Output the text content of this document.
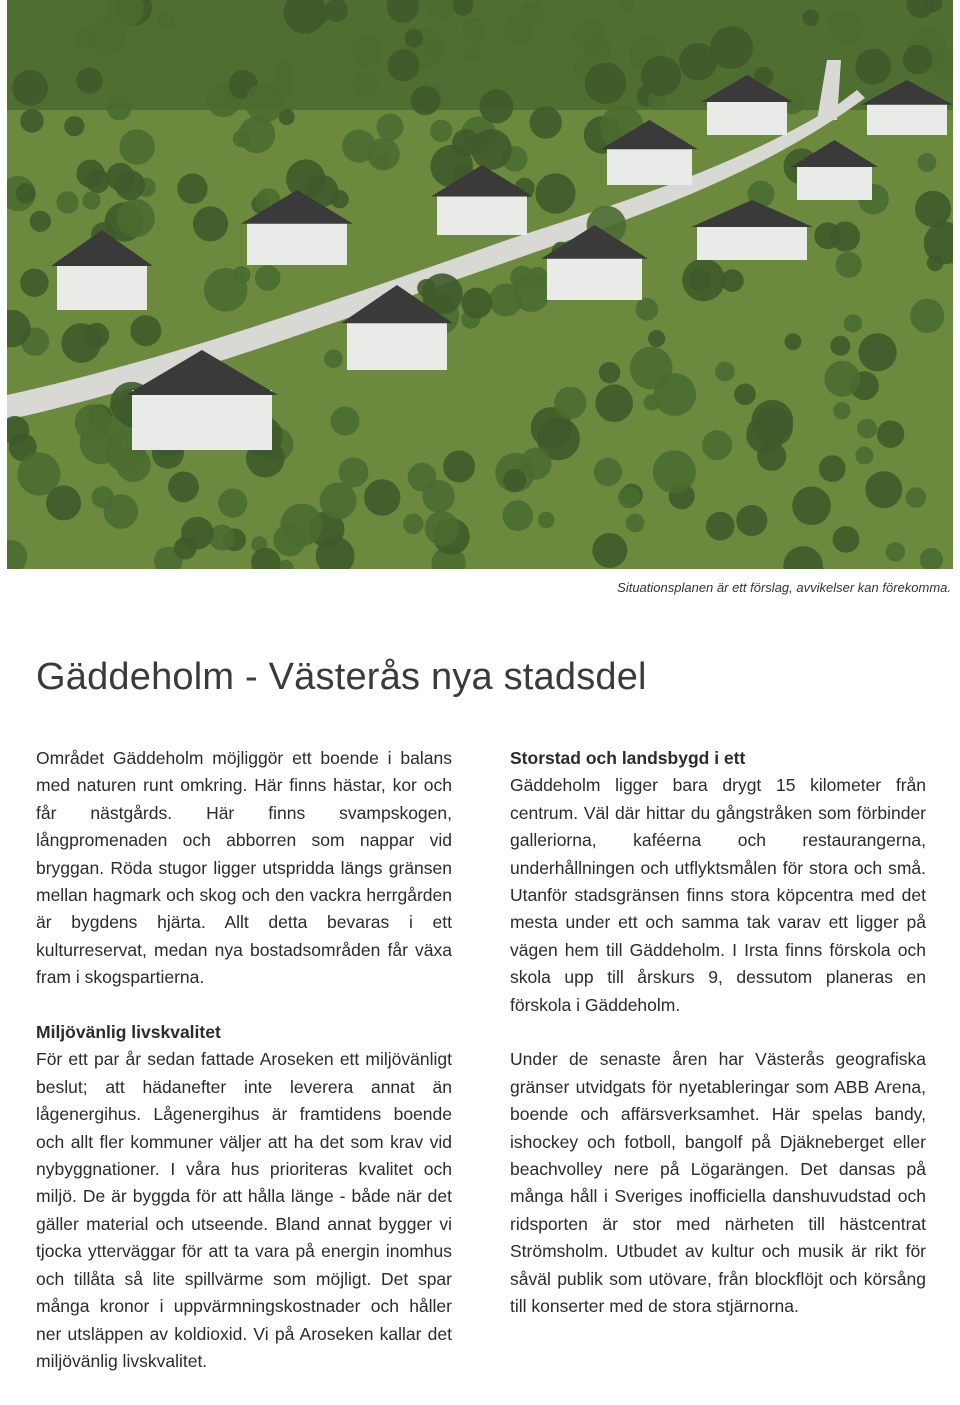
Situationsplanen är ett förslag, avvikelser kan förekomma.
Gäddeholm - Västerås nya stadsdel

Området Gäddeholm möjliggör ett boende i balans med naturen runt omkring. Här finns hästar, kor och får nästgårds. Här finns svampskogen, långpromenaden och abborren som nappar vid bryggan. Röda stugor ligger utspridda längs gränsen mellan hagmark och skog och den vackra herrgården är bygdens hjärta. Allt detta bevaras i ett kulturreservat, medan nya bostadsområden får växa fram i skogspartierna.

Miljövänlig livskvalitet

För ett par år sedan fattade Aroseken ett miljövänligt beslut; att hädanefter inte leverera annat än lågenergihus. Lågenergihus är framtidens boende och allt fler kommuner väljer att ha det som krav vid nybyggnationer. I våra hus prioriteras kvalitet och miljö. De är byggda för att hålla länge - både när det gäller material och utseende. Bland annat bygger vi tjocka ytterväggar för att ta vara på energin inomhus och tillåta så lite spillvärme som möjligt. Det spar många kronor i uppvärmningskostnader och håller ner utsläppen av koldioxid. Vi på Aroseken kallar det miljövänlig livskvalitet.

Storstad och landsbygd i ett

Gäddeholm ligger bara drygt 15 kilometer från centrum. Väl där hittar du gångstråken som förbinder galleriorna, kaféerna och restaurangerna, underhållningen och utflyktsmålen för stora och små. Utanför stadsgränsen finns stora köpcentra med det mesta under ett och samma tak varav ett ligger på vägen hem till Gäddeholm. I Irsta finns förskola och skola upp till årskurs 9, dessutom planeras en förskola i Gäddeholm.

Under de senaste åren har Västerås geografiska gränser utvidgats för nyetableringar som ABB Arena, boende och affärsverksamhet. Här spelas bandy, ishockey och fotboll, bangolf på Djäkneberget eller beachvolley nere på Lögarängen. Det dansas på många håll i Sveriges inofficiella danshuvudstad och ridsporten är stor med närheten till hästcentrat Strömsholm. Utbudet av kultur och musik är rikt för såväl publik som utövare, från blockflöjt och körsång till konserter med de stora stjärnorna.
